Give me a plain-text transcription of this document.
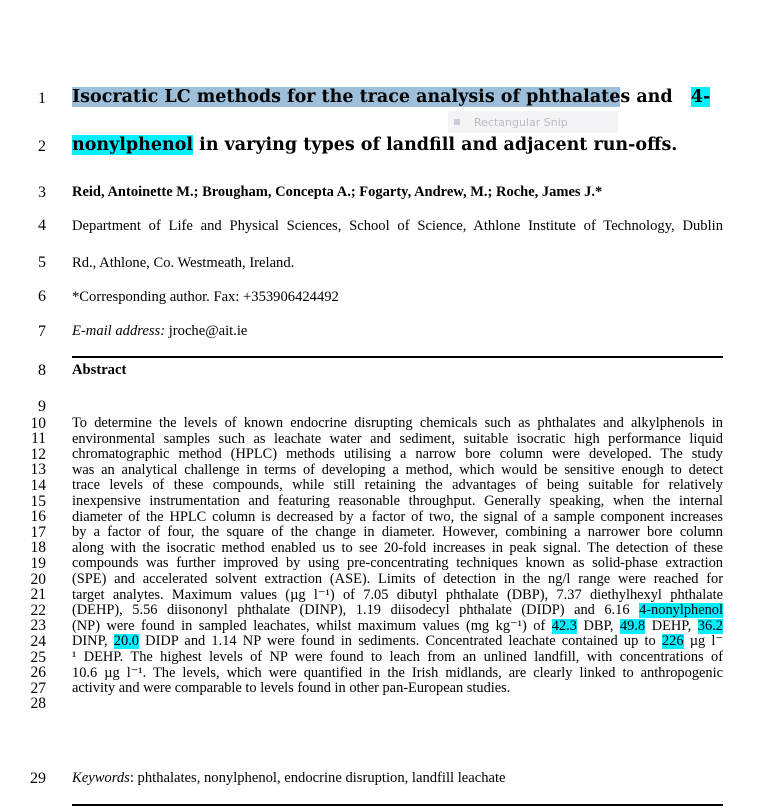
1
2
3
4
5
6
7
8
9
10
11
12
13
14
15
16
17
18
19
20
21
22
23
24
25
26
27
28
29
Isocratic LC methods for the trace analysis of phthalates and 4-
nonylphenol in varying types of landfill and adjacent run-offs.
Rectangular Snip
Reid, Antoinette M.; Brougham, Concepta A.; Fogarty, Andrew, M.; Roche, James J.*
Department of Life and Physical Sciences, School of Science, Athlone Institute of Technology, Dublin
Rd., Athlone, Co. Westmeath, Ireland.
*Corresponding author. Fax: +353906424492
E-mail address: jroche@ait.ie
Abstract
To determine the levels of known endocrine disrupting chemicals such as phthalates and alkylphenols in
environmental samples such as leachate water and sediment, suitable isocratic high performance liquid
chromatographic method (HPLC) methods utilising a narrow bore column were developed. The study
was an analytical challenge in terms of developing a method, which would be sensitive enough to detect
trace levels of these compounds, while still retaining the advantages of being suitable for relatively
inexpensive instrumentation and featuring reasonable throughput. Generally speaking, when the internal
diameter of the HPLC column is decreased by a factor of two, the signal of a sample component increases
by a factor of four, the square of the change in diameter. However, combining a narrower bore column
along with the isocratic method enabled us to see 20-fold increases in peak signal. The detection of these
compounds was further improved by using pre-concentrating techniques known as solid-phase extraction
(SPE) and accelerated solvent extraction (ASE). Limits of detection in the ng/l range were reached for
target analytes. Maximum values (µg l⁻¹) of 7.05 dibutyl phthalate (DBP), 7.37 diethylhexyl phthalate
(DEHP), 5.56 diisononyl phthalate (DINP), 1.19 diisodecyl phthalate (DIDP) and 6.16 4-nonylphenol
(NP) were found in sampled leachates, whilst maximum values (mg kg⁻¹) of 42.3 DBP, 49.8 DEHP, 36.2
DINP, 20.0 DIDP and 1.14 NP were found in sediments. Concentrated leachate contained up to 226 µg l⁻
¹ DEHP. The highest levels of NP were found to leach from an unlined landfill, with concentrations of
10.6 µg l⁻¹. The levels, which were quantified in the Irish midlands, are clearly linked to anthropogenic
activity and were comparable to levels found in other pan-European studies.
Keywords: phthalates, nonylphenol, endocrine disruption, landfill leachate
